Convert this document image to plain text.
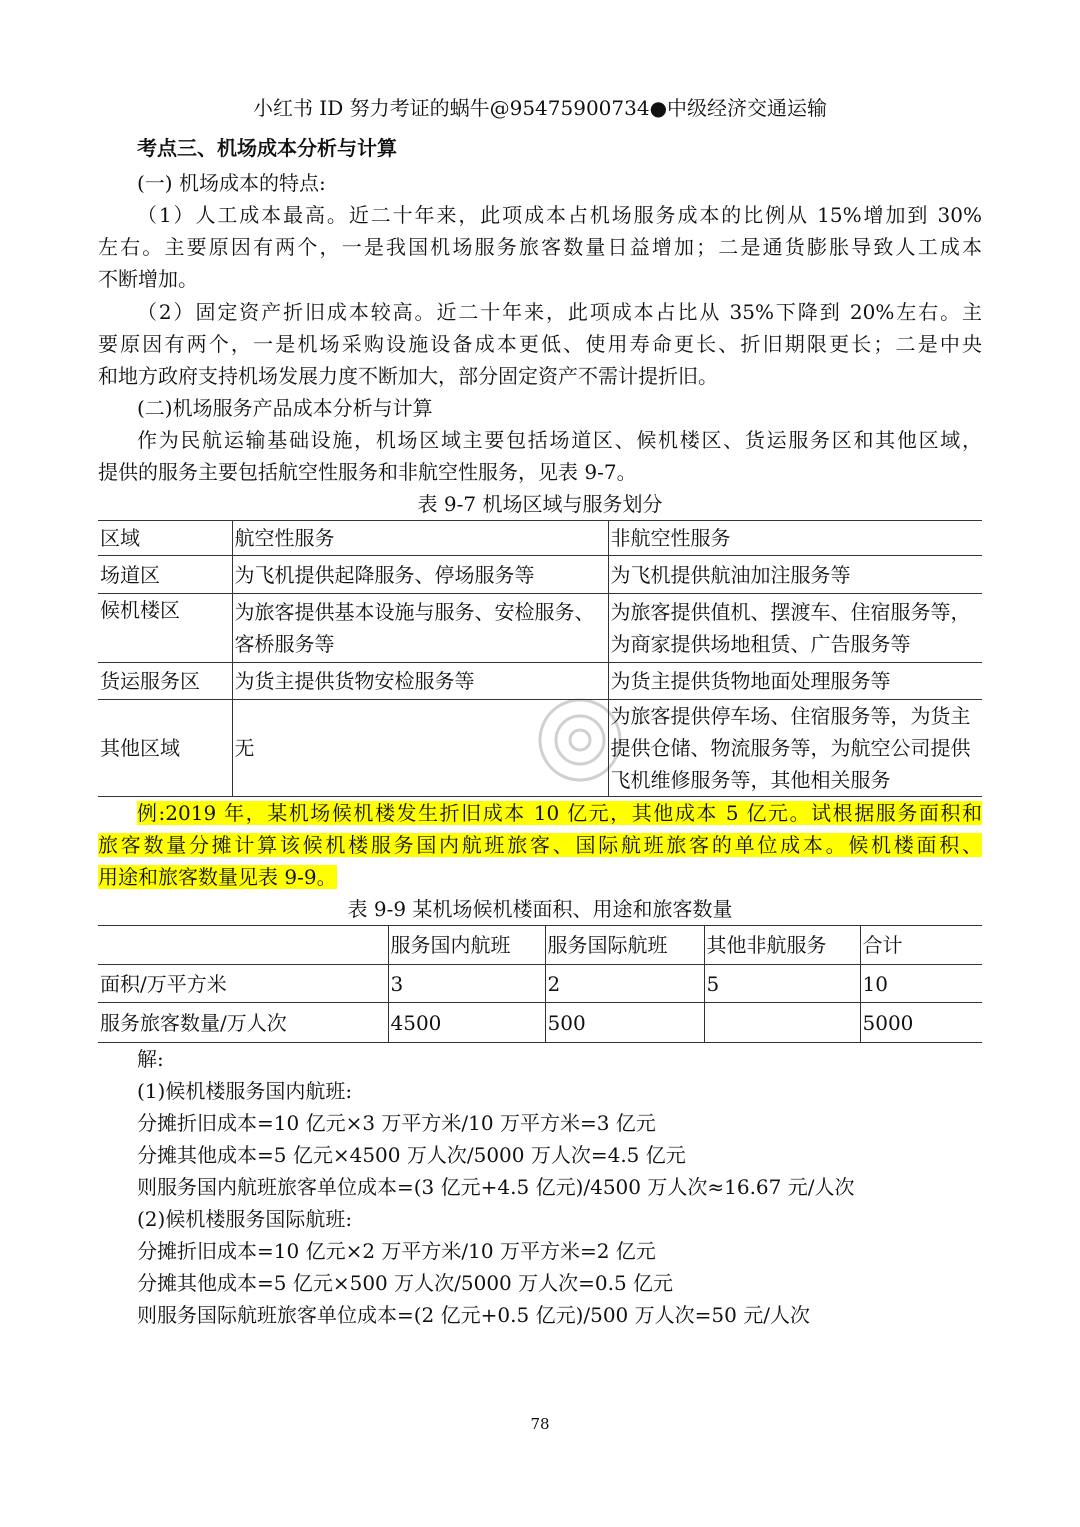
小红书 ID 努力考证的蜗牛@95475900734●中级经济交通运输
考点三、机场成本分析与计算
(一) 机场成本的特点:
（1）人工成本最高。近二十年来，此项成本占机场服务成本的比例从 15%增加到 30%
左右。主要原因有两个，一是我国机场服务旅客数量日益增加；二是通货膨胀导致人工成本
不断增加。
（2）固定资产折旧成本较高。近二十年来，此项成本占比从 35%下降到 20%左右。主
要原因有两个，一是机场采购设施设备成本更低、使用寿命更长、折旧期限更长；二是中央
和地方政府支持机场发展力度不断加大，部分固定资产不需计提折旧。
(二)机场服务产品成本分析与计算
作为民航运输基础设施，机场区域主要包括场道区、候机楼区、货运服务区和其他区域，
提供的服务主要包括航空性服务和非航空性服务，见表 9-7。
表 9-7 机场区域与服务划分
区域	航空性服务	非航空性服务
场道区	为飞机提供起降服务、停场服务等	为飞机提供航油加注服务等
候机楼区	为旅客提供基本设施与服务、安检服务、客桥服务等	为旅客提供值机、摆渡车、住宿服务等，为商家提供场地租赁、广告服务等
货运服务区	为货主提供货物安检服务等	为货主提供货物地面处理服务等
其他区域	无	为旅客提供停车场、住宿服务等，为货主提供仓储、物流服务等，为航空公司提供飞机维修服务等，其他相关服务
例:2019 年，某机场候机楼发生折旧成本 10 亿元，其他成本 5 亿元。试根据服务面积和
旅客数量分摊计算该候机楼服务国内航班旅客、国际航班旅客的单位成本。候机楼面积、
用途和旅客数量见表 9-9。
表 9-9 某机场候机楼面积、用途和旅客数量
	服务国内航班	服务国际航班	其他非航服务	合计
面积/万平方米	3	2	5	10
服务旅客数量/万人次	4500	500		5000
解:
(1)候机楼服务国内航班:
分摊折旧成本=10 亿元×3 万平方米/10 万平方米=3 亿元
分摊其他成本=5 亿元×4500 万人次/5000 万人次=4.5 亿元
则服务国内航班旅客单位成本=(3 亿元+4.5 亿元)/4500 万人次≈16.67 元/人次
(2)候机楼服务国际航班:
分摊折旧成本=10 亿元×2 万平方米/10 万平方米=2 亿元
分摊其他成本=5 亿元×500 万人次/5000 万人次=0.5 亿元
则服务国际航班旅客单位成本=(2 亿元+0.5 亿元)/500 万人次=50 元/人次
78
